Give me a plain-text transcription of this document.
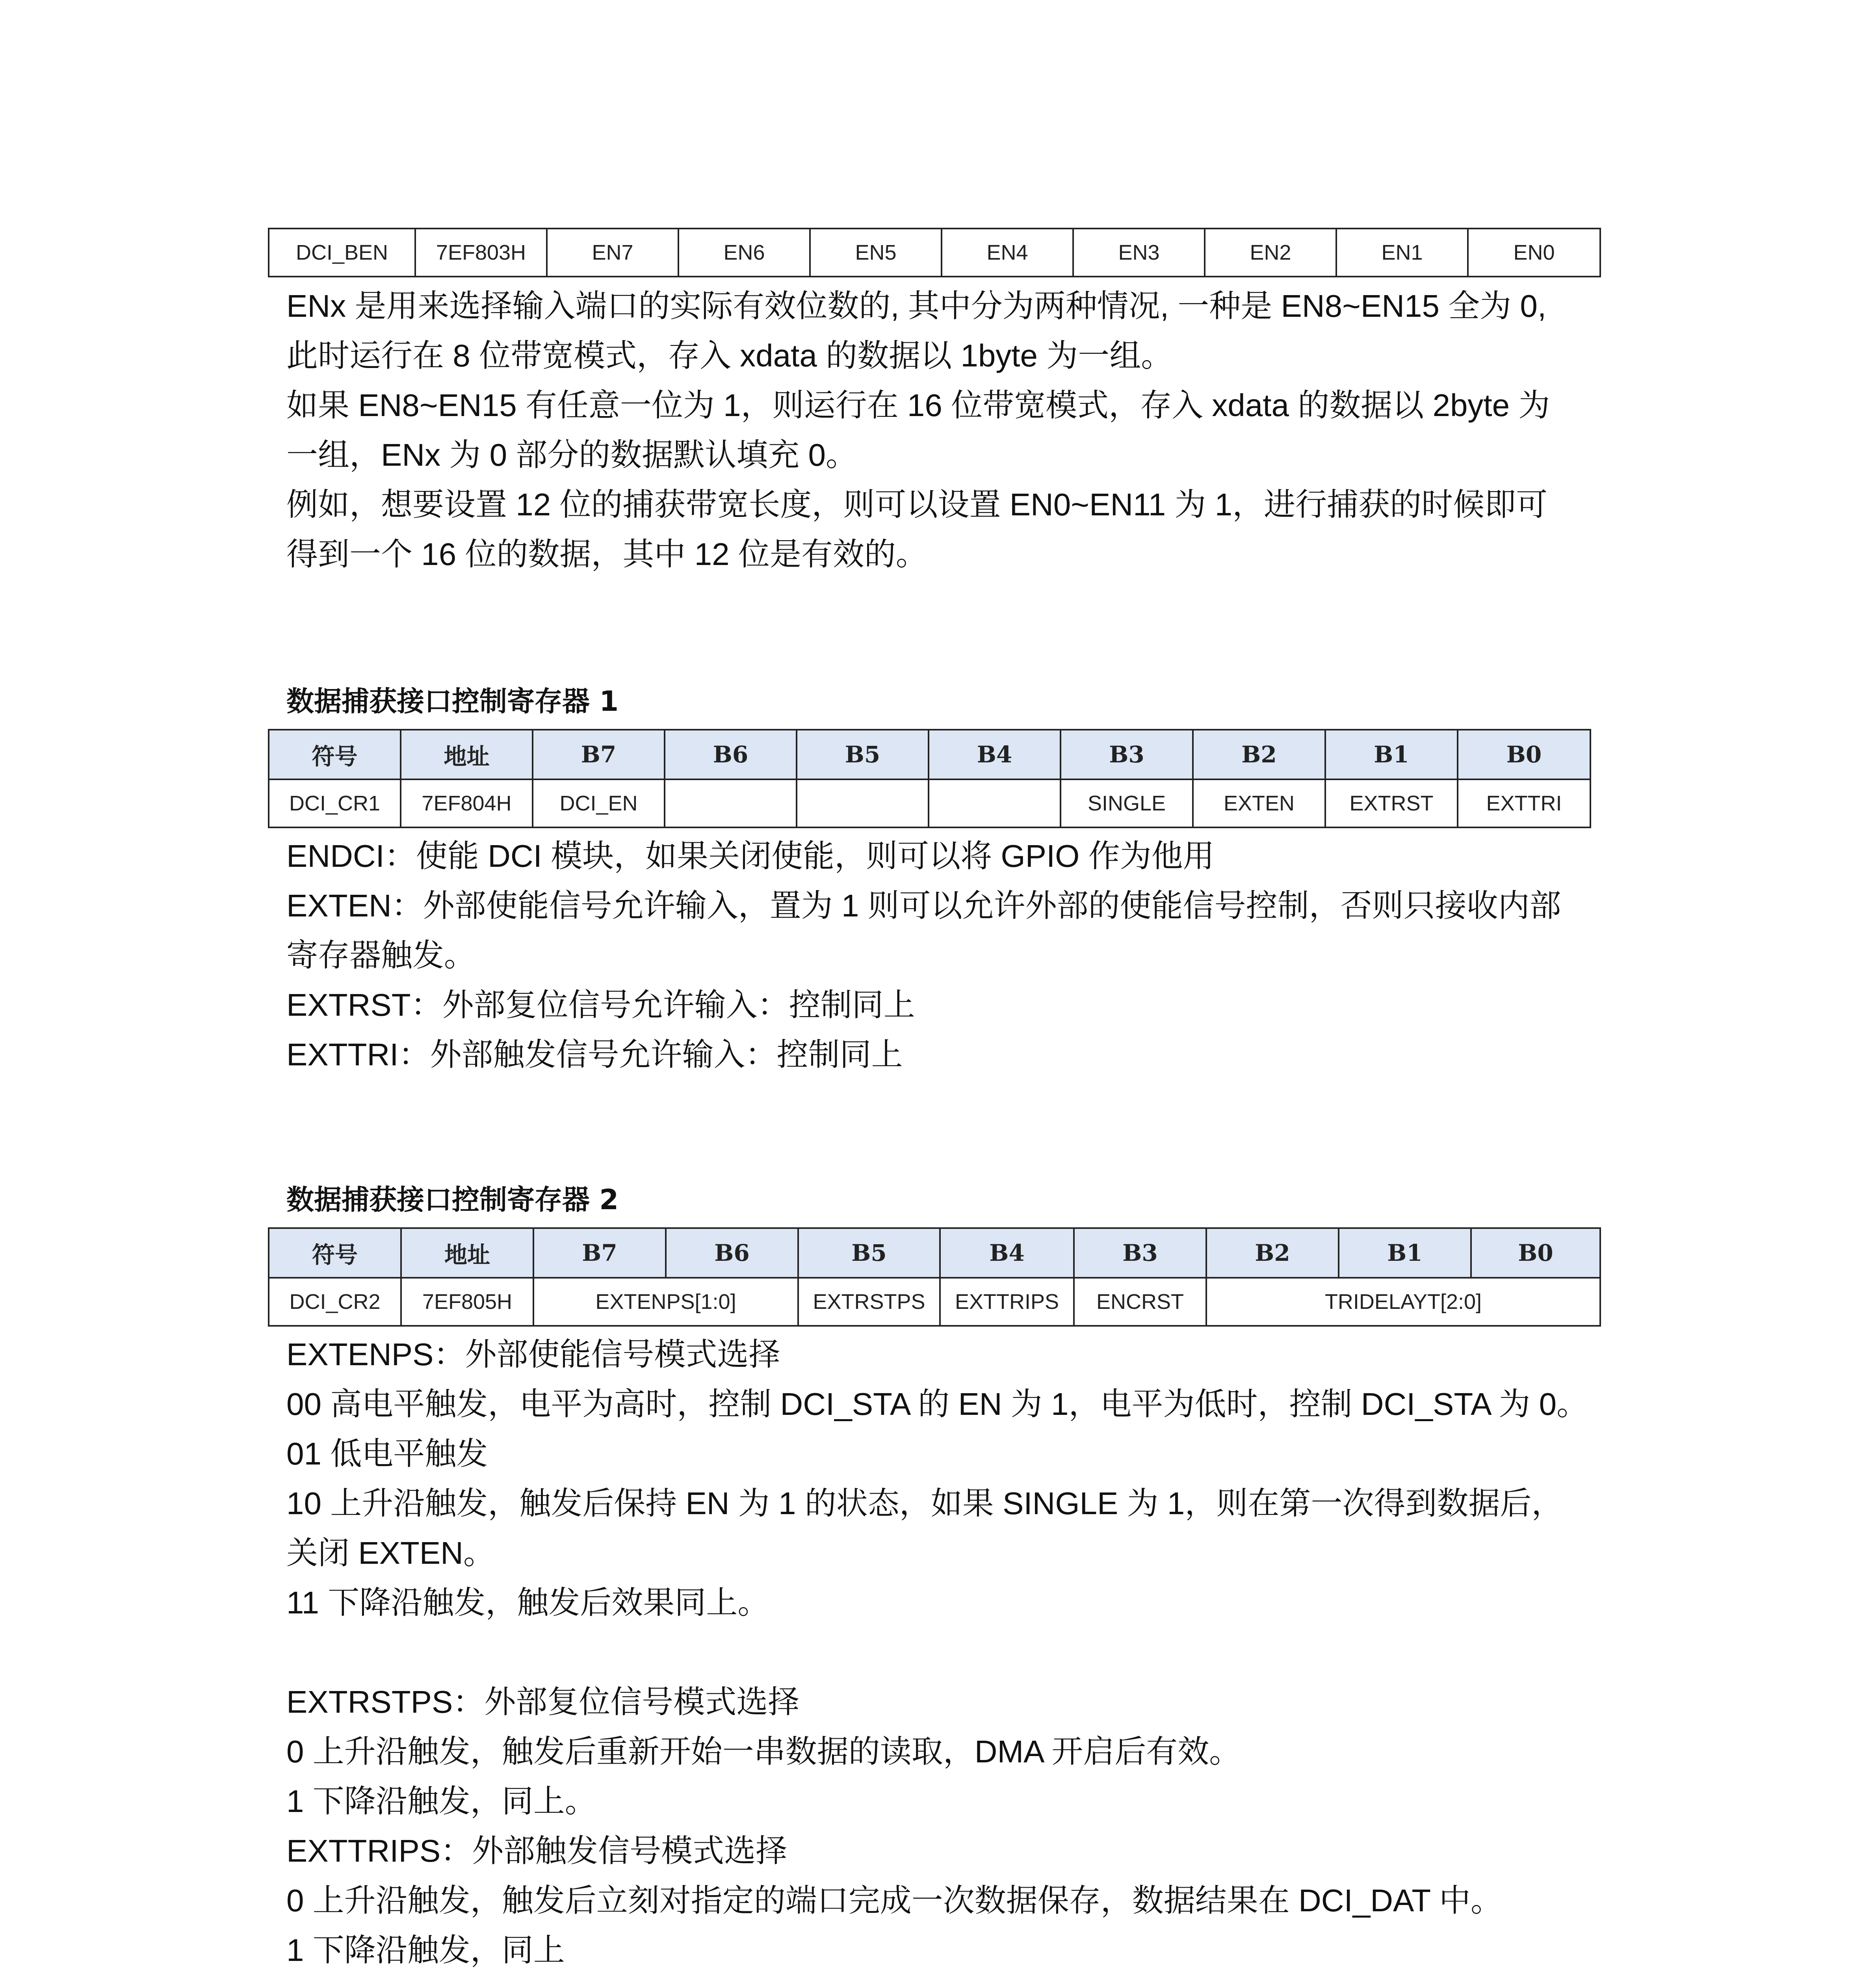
DCI_BEN	7EF803H	EN7	EN6	EN5	EN4	EN3	EN2	EN1	EN0

ENx 是用来选择输入端口的实际有效位数的, 其中分为两种情况, 一种是 EN8~EN15 全为 0,

此时运行在 8 位带宽模式，存入 xdata 的数据以 1byte 为一组。

如果 EN8~EN15 有任意一位为 1，则运行在 16 位带宽模式，存入 xdata 的数据以 2byte 为

一组，ENx 为 0 部分的数据默认填充 0。

例如，想要设置 12 位的捕获带宽长度，则可以设置 EN0~EN11 为 1，进行捕获的时候即可

得到一个 16 位的数据，其中 12 位是有效的。

数据捕获接口控制寄存器 1
符号	地址	B7	B6	B5	B4	B3	B2	B1	B0
DCI_CR1	7EF804H	DCI_EN				SINGLE	EXTEN	EXTRST	EXTTRI

ENDCI：使能 DCI 模块，如果关闭使能，则可以将 GPIO 作为他用

EXTEN：外部使能信号允许输入，置为 1 则可以允许外部的使能信号控制，否则只接收内部

寄存器触发。

EXTRST：外部复位信号允许输入：控制同上

EXTTRI：外部触发信号允许输入：控制同上

数据捕获接口控制寄存器 2
符号	地址	B7	B6	B5	B4	B3	B2	B1	B0
DCI_CR2	7EF805H	EXTENPS[1:0]		EXTRSTPS	EXTTRIPS	ENCRST	TRIDELAYT[2:0]		

EXTENPS：外部使能信号模式选择

00 高电平触发，电平为高时，控制 DCI_STA 的 EN 为 1，电平为低时，控制 DCI_STA 为 0。

01 低电平触发

10 上升沿触发，触发后保持 EN 为 1 的状态，如果 SINGLE 为 1，则在第一次得到数据后，

关闭 EXTEN。

11 下降沿触发，触发后效果同上。

EXTRSTPS：外部复位信号模式选择

0 上升沿触发，触发后重新开始一串数据的读取，DMA 开启后有效。

1 下降沿触发，同上。

EXTTRIPS：外部触发信号模式选择

0 上升沿触发，触发后立刻对指定的端口完成一次数据保存，数据结果在 DCI_DAT 中。

1 下降沿触发，同上
